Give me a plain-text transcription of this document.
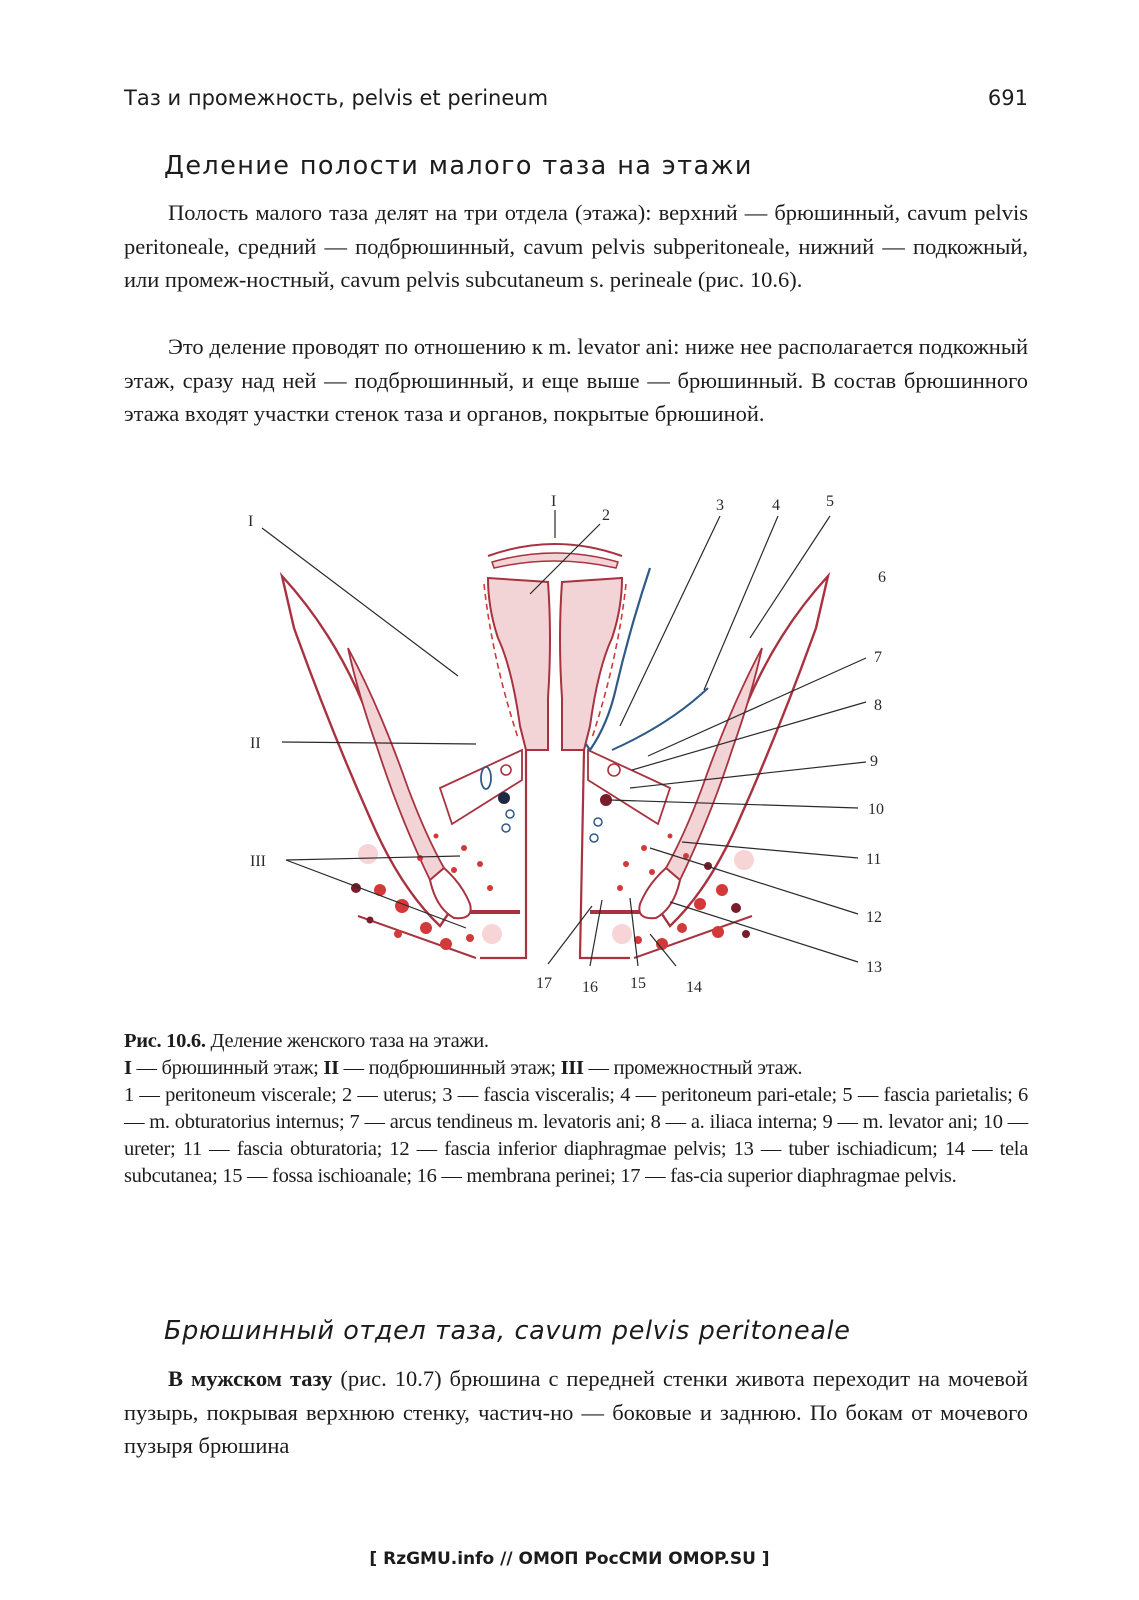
Таз и промежность, pelvis et perineum	691
Деление полости малого таза на этажи

Полость малого таза делят на три отдела (этажа): верхний — брюшинный, cavum pelvis peritoneale, средний — подбрюшинный, cavum pelvis subperitoneale, нижний — подкожный, или промеж-ностный, cavum pelvis subcutaneum s. perineale (рис. 10.6).

Это деление проводят по отношению к m. levator ani: ниже нее располагается подкожный этаж, сразу над ней — подбрюшинный, и еще выше — брюшинный. В состав брюшинного этажа входят участки стенок таза и органов, покрытые брюшиной.

I
I
2
3	4	5
6
7
8
9
10
11
12
13
14
15
16
17
II
III

Рис. 10.6. Деление женского таза на этажи.
I — брюшинный этаж; II — подбрюшинный этаж; III — промежностный этаж.
1 — peritoneum viscerale; 2 — uterus; 3 — fascia visceralis; 4 — peritoneum pari-etale; 5 — fascia parietalis; 6 — m. obturatorius internus; 7 — arcus tendineus m. levatoris ani; 8 — a. iliaca interna; 9 — m. levator ani; 10 — ureter; 11 — fascia obturatoria; 12 — fascia inferior diaphragmae pelvis; 13 — tuber ischiadicum; 14 — tela subcutanea; 15 — fossa ischioanale; 16 — membrana perinei; 17 — fas-cia superior diaphragmae pelvis.

Брюшинный отдел таза, cavum pelvis peritoneale

В мужском тазу (рис. 10.7) брюшина с передней стенки живота переходит на мочевой пузырь, покрывая верхнюю стенку, частич-но — боковые и заднюю. По бокам от мочевого пузыря брюшина

[ RzGMU.info // ОМОП РосСМИ OMOP.SU ]
